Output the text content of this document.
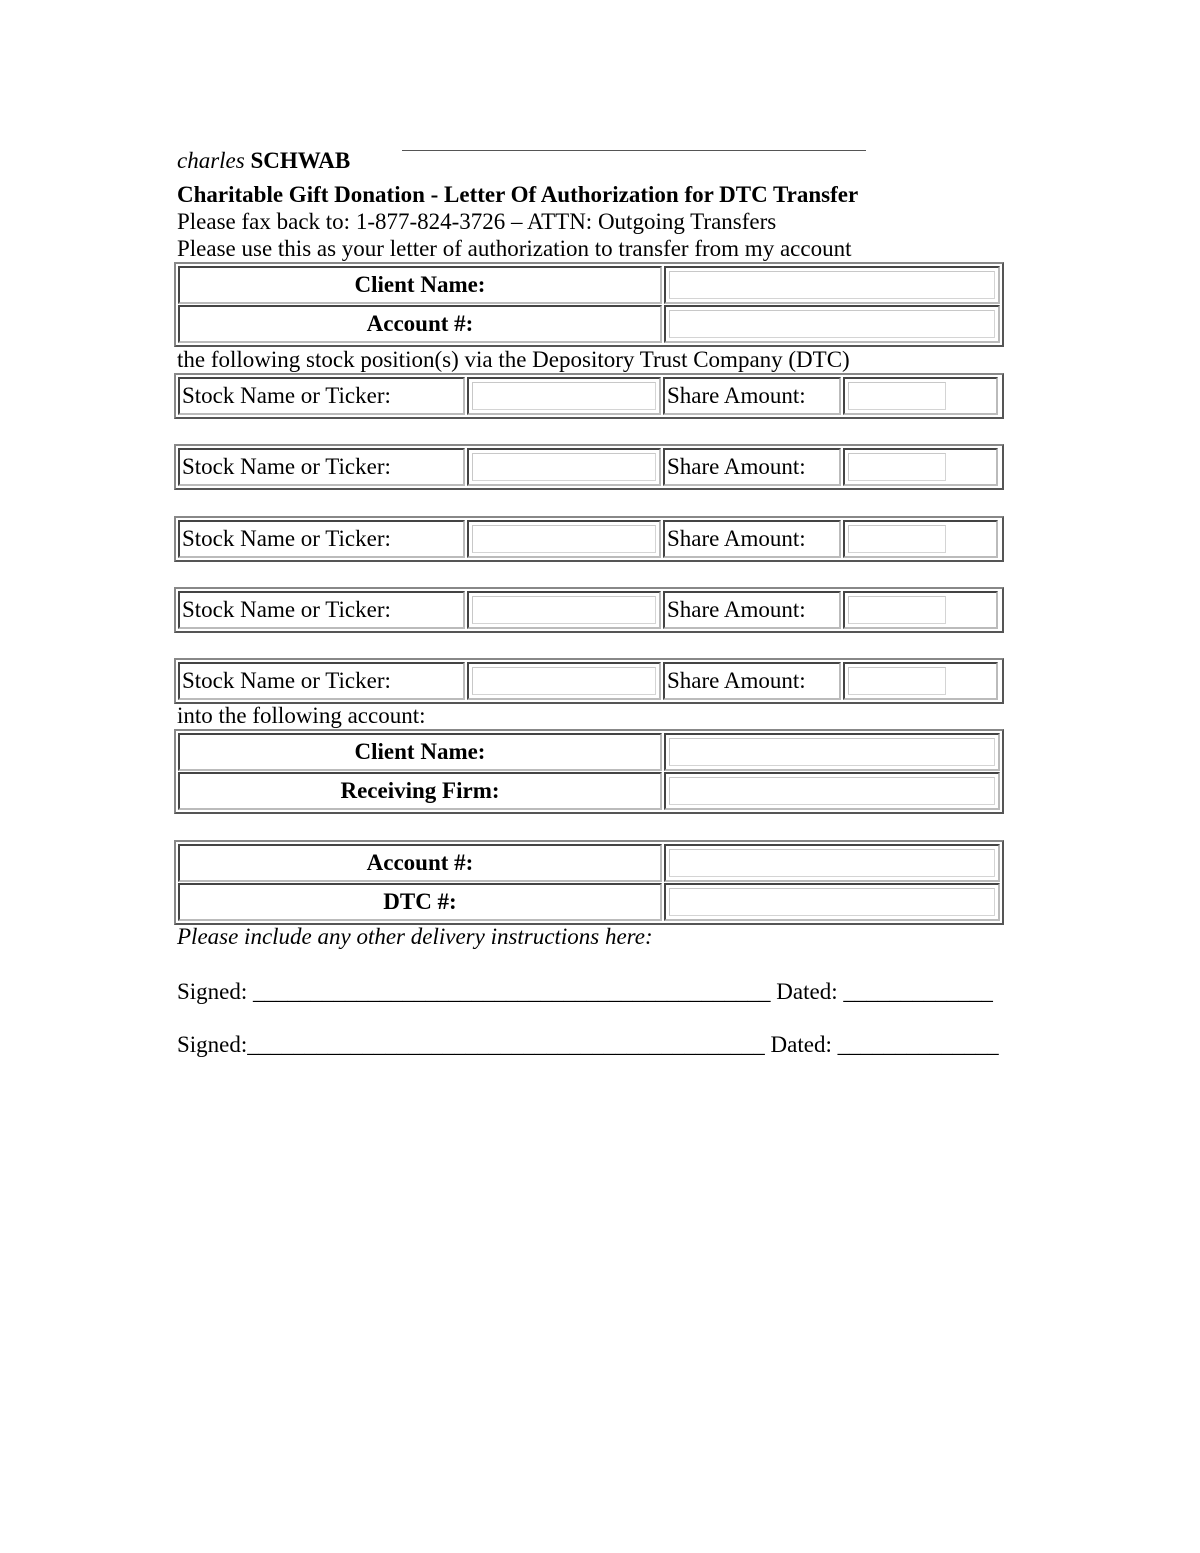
charles SCHWAB
Charitable Gift Donation - Letter Of Authorization for DTC Transfer
Please fax back to: 1-877-824-3726 – ATTN: Outgoing Transfers
Please use this as your letter of authorization to transfer from my account
Client Name:
Account #:
the following stock position(s) via the Depository Trust Company (DTC)
Stock Name or Ticker:	Share Amount:
Stock Name or Ticker:	Share Amount:
Stock Name or Ticker:	Share Amount:
Stock Name or Ticker:	Share Amount:
Stock Name or Ticker:	Share Amount:
into the following account:
Client Name:
Receiving Firm:
Account #:
DTC #:
Please include any other delivery instructions here:
Signed: _____________________________________________ Dated: _____________
Signed:_____________________________________________ Dated: ______________
